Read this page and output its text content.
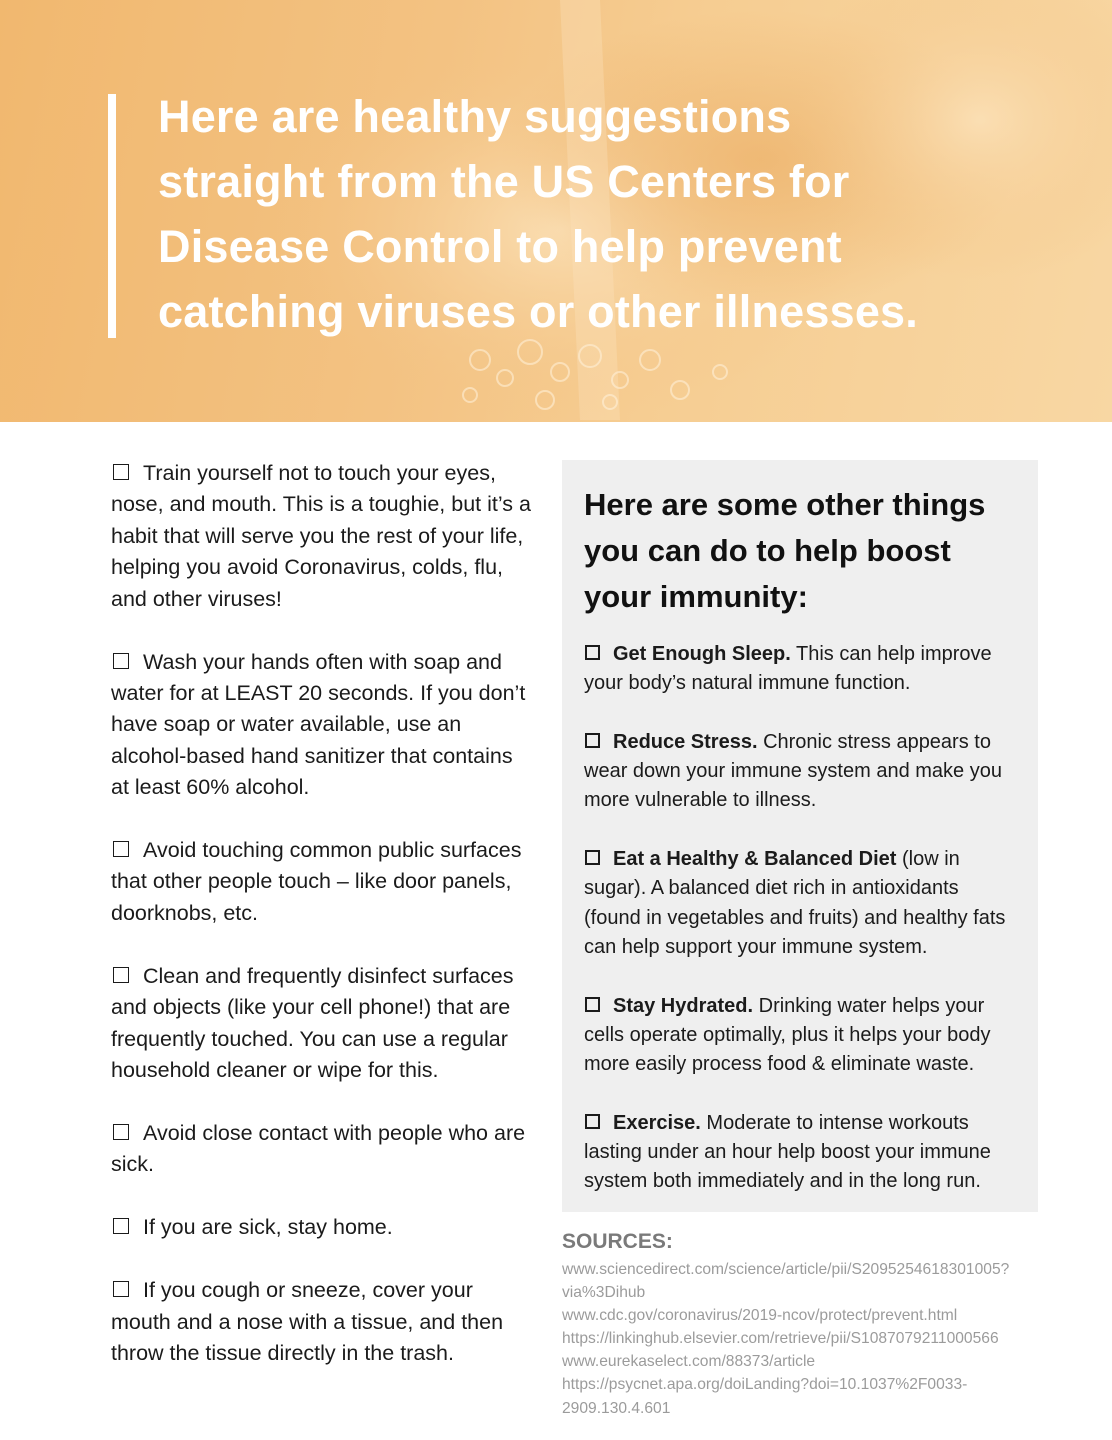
Here are healthy suggestions straight from the US Centers for Disease Control to help prevent catching viruses or other illnesses.

Train yourself not to touch your eyes, nose, and mouth. This is a toughie, but it’s a habit that will serve you the rest of your life, helping you avoid Coronavirus, colds, flu, and other viruses!

Wash your hands often with soap and water for at LEAST 20 seconds. If you don’t have soap or water available, use an alcohol-based hand sanitizer that contains at least 60% alcohol.

Avoid touching common public surfaces that other people touch – like door panels, doorknobs, etc.

Clean and frequently disinfect surfaces and objects (like your cell phone!) that are frequently touched. You can use a regular household cleaner or wipe for this.

Avoid close contact with people who are sick.

If you are sick, stay home.

If you cough or sneeze, cover your mouth and a nose with a tissue, and then throw the tissue directly in the trash.

Here are some other things you can do to help boost your immunity:

Get Enough Sleep. This can help improve your body’s natural immune function.

Reduce Stress. Chronic stress appears to wear down your immune system and make you more vulnerable to illness.

Eat a Healthy & Balanced Diet (low in sugar). A balanced diet rich in antioxidants (found in vegetables and fruits) and healthy fats can help support your immune system.

Stay Hydrated. Drinking water helps your cells operate optimally, plus it helps your body more easily process food & eliminate waste.

Exercise. Moderate to intense workouts lasting under an hour help boost your immune system both immediately and in the long run.

SOURCES:
www.sciencedirect.com/science/article/pii/S2095254618301005?
via%3Dihub
www.cdc.gov/coronavirus/2019-ncov/protect/prevent.html
https://linkinghub.elsevier.com/retrieve/pii/S1087079211000566
www.eurekaselect.com/88373/article
https://psycnet.apa.org/doiLanding?doi=10.1037%2F0033-
2909.130.4.601
